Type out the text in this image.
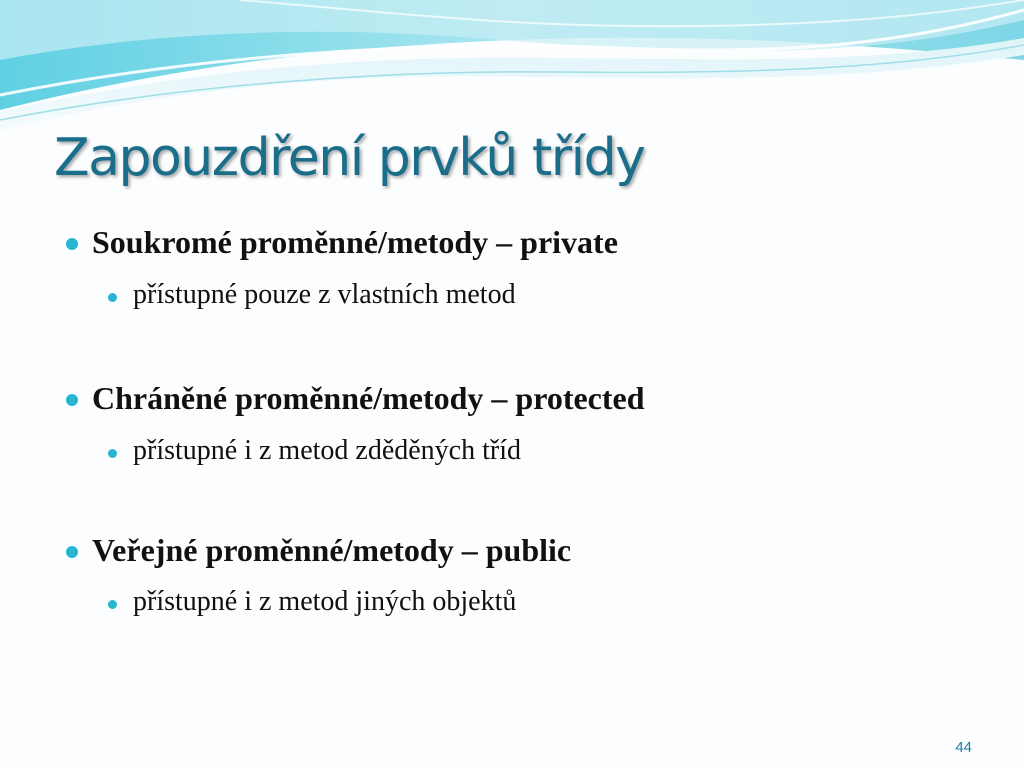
Zapouzdření prvků třídy
Soukromé proměnné/metody – private
přístupné pouze z vlastních metod
Chráněné proměnné/metody – protected
přístupné i z metod zděděných tříd
Veřejné proměnné/metody – public
přístupné i z metod jiných objektů
44
